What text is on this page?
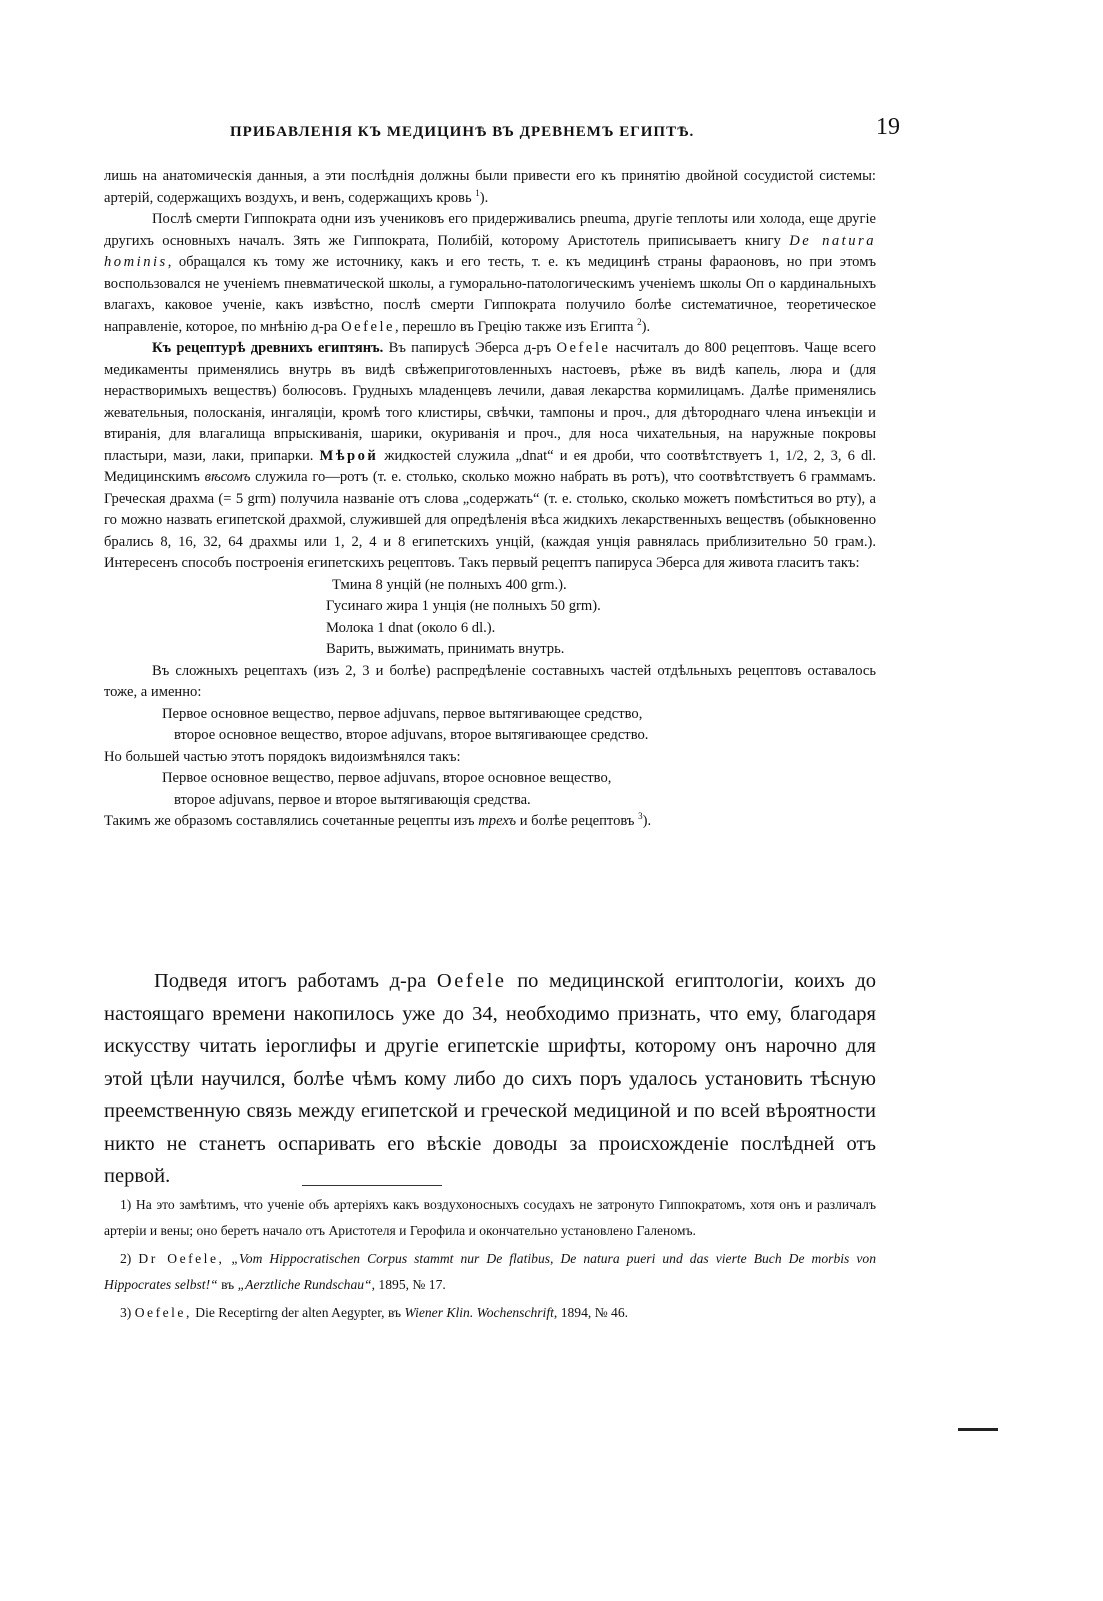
ПРИБАВЛЕНІЯ КЪ МЕДИЦИНѢ ВЪ ДРЕВНЕМЪ ЕГИПТѢ.	19

лишь на анатомическія данныя, а эти послѣднія должны были привести его къ принятію двойной сосудистой системы: артерій, содержащихъ воздухъ, и венъ, содержащихъ кровь $^1$).

Послѣ смерти Гиппократа одни изъ учениковъ его придерживались pneuma, другіе теплоты или холода, еще другіе другихъ основныхъ началъ. Зять же Гиппократа, Полибій, которому Аристотель приписываетъ книгу De natura hominis, обращался къ тому же источнику, какъ и его тесть, т. е. къ медицинѣ страны фараоновъ, но при этомъ воспользовался не ученіемъ пневматической школы, а гуморально-патологическимъ ученіемъ школы Оп о кардинальныхъ влагахъ, каковое ученіе, какъ извѣстно, послѣ смерти Гиппократа получило болѣе систематичное, теоретическое направленіе, которое, по мнѣнію д-ра Oefele, перешло въ Грецію также изъ Египта $^2$).

Къ рецептурѣ древнихъ египтянъ. Въ папирусѣ Эберса д-ръ Oefele насчиталъ до 800 рецептовъ. Чаще всего медикаменты применялись внутрь въ видѣ свѣжеприготовленныхъ настоевъ, рѣже въ видѣ капель, люра и (для нерастворимыхъ веществъ) болюсовъ. Грудныхъ младенцевъ лечили, давая лекарства кормилицамъ. Далѣе применялись жевательныя, полосканія, ингаляціи, кромѣ того клистиры, свѣчки, тампоны и проч., для дѣтороднаго члена инъекціи и втиранія, для влагалища впрыскиванія, шарики, окуриванія и проч., для носа чихательныя, на наружные покровы пластыри, мази, лаки, припарки. Мѣрой жидкостей служила „dnat“ и ея дроби, что соотвѣтствуетъ 1, 1/2, 2, 3, 6 dl. Медицинскимъ вѣсомъ служила го—ротъ (т. е. столько, сколько можно набрать въ ротъ), что соотвѣтствуетъ 6 граммамъ. Греческая драхма (= 5 grm) получила названіе отъ слова „содержать“ (т. е. столько, сколько можетъ помѣститься во рту), а го можно назвать египетской драхмой, служившей для опредѣленія вѣса жидкихъ лекарственныхъ веществъ (обыкновенно брались 8, 16, 32, 64 драхмы или 1, 2, 4 и 8 египетскихъ унцій, (каждая унція равнялась приблизительно 50 грам.). Интересенъ способъ построенія египетскихъ рецептовъ. Такъ первый рецептъ папируса Эберса для живота гласитъ такъ:

Тмина 8 унцій (не полныхъ 400 grm.).

Гусинаго жира 1 унція (не полныхъ 50 grm).

Молока 1 dnat (около 6 dl.).

Варить, выжимать, принимать внутрь.

Въ сложныхъ рецептахъ (изъ 2, 3 и болѣе) распредѣленіе составныхъ частей отдѣльныхъ рецептовъ оставалось тоже, а именно:

Первое основное вещество, первое adjuvans, первое вытягивающее средство,

второе основное вещество, второе adjuvans, второе вытягивающее средство.

Но большей частью этотъ порядокъ видоизмѣнялся такъ:

Первое основное вещество, первое adjuvans, второе основное вещество,

второе adjuvans, первое и второе вытягивающія средства.

Такимъ же образомъ составлялись сочетанные рецепты изъ трехъ и болѣе рецептовъ $^3$).

Подведя итогъ работамъ д-ра Oefele по медицинской египтологіи, коихъ до настоящаго времени накопилось уже до 34, необходимо признать, что ему, благодаря искусству читать іероглифы и другіе египетскіе шрифты, которому онъ нарочно для этой цѣли научился, болѣе чѣмъ кому либо до сихъ поръ удалось установить тѣсную преемственную связь между египетской и греческой медициной и по всей вѣроятности никто не станетъ оспаривать его вѣскіе доводы за происхожденіе послѣдней отъ первой.

1) На это замѣтимъ, что ученіе объ артеріяхъ какъ воздухоносныхъ сосудахъ не затронуто Гиппократомъ, хотя онъ и различалъ артеріи и вены; оно беретъ начало отъ Аристотеля и Герофила и окончательно установлено Галеномъ.

2) Dr Oefele, „Vom Hippocratischen Corpus stammt nur De flatibus, De natura pueri und das vierte Buch De morbis von Hippocrates selbst!“ въ „Aerztliche Rundschau“, 1895, № 17.

3) Oefele, Die Receptirng der alten Aegypter, въ Wiener Klin. Wochenschrift, 1894, № 46.
